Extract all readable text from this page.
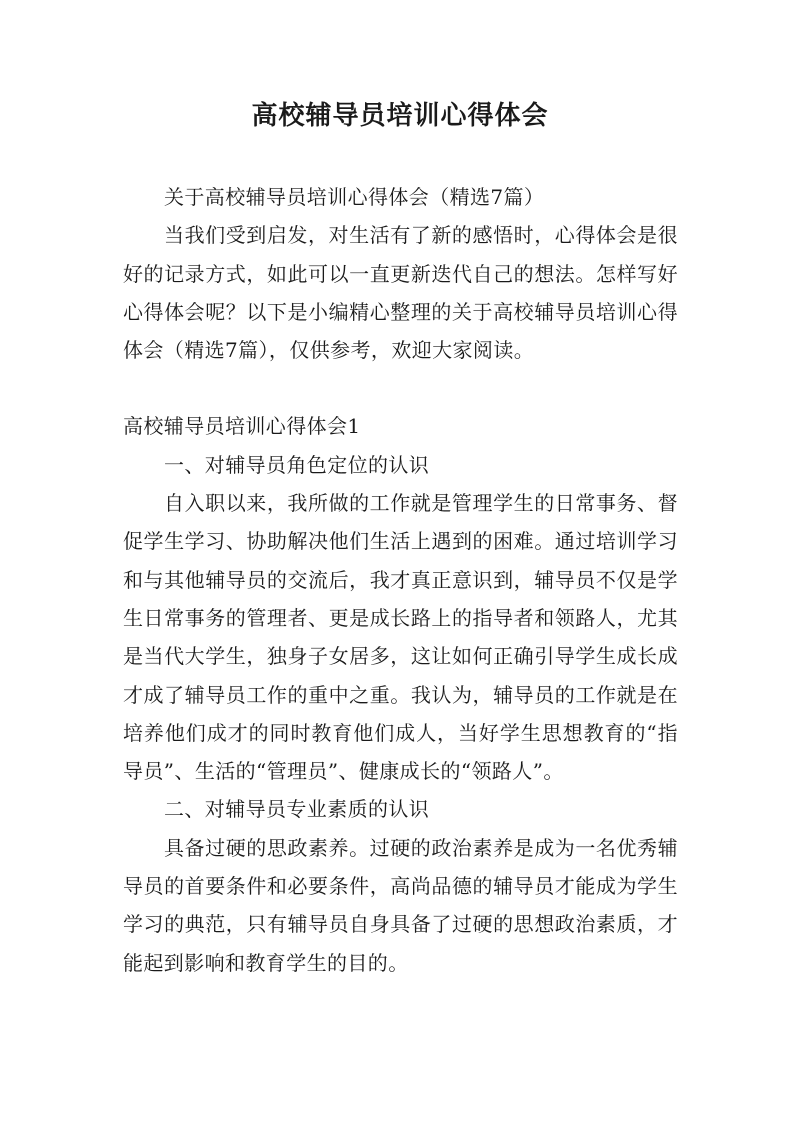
高校辅导员培训心得体会

关于高校辅导员培训心得体会（精选7篇）

当我们受到启发，对生活有了新的感悟时，心得体会是很好的记录方式，如此可以一直更新迭代自己的想法。怎样写好心得体会呢？以下是小编精心整理的关于高校辅导员培训心得体会（精选7篇），仅供参考，欢迎大家阅读。

高校辅导员培训心得体会1

一、对辅导员角色定位的认识

自入职以来，我所做的工作就是管理学生的日常事务、督促学生学习、协助解决他们生活上遇到的困难。通过培训学习和与其他辅导员的交流后，我才真正意识到，辅导员不仅是学生日常事务的管理者、更是成长路上的指导者和领路人，尤其是当代大学生，独身子女居多，这让如何正确引导学生成长成才成了辅导员工作的重中之重。我认为，辅导员的工作就是在培养他们成才的同时教育他们成人，当好学生思想教育的“指导员”、生活的“管理员”、健康成长的“领路人”。

二、对辅导员专业素质的认识

具备过硬的思政素养。过硬的政治素养是成为一名优秀辅导员的首要条件和必要条件，高尚品德的辅导员才能成为学生学习的典范，只有辅导员自身具备了过硬的思想政治素质，才能起到影响和教育学生的目的。
